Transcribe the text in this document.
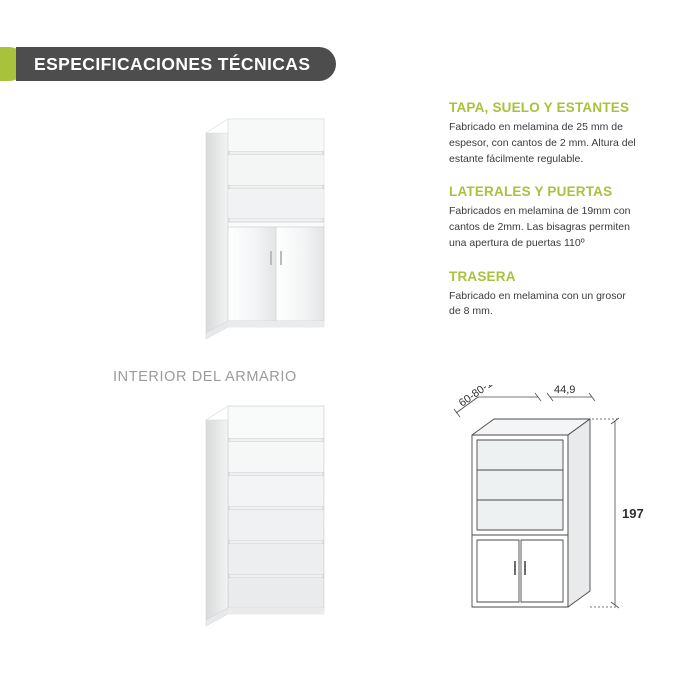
ESPECIFICACIONES TÉCNICAS
INTERIOR DEL ARMARIO
TAPA, SUELO Y ESTANTES
Fabricado en melamina de 25 mm de espesor, con cantos de 2 mm. Altura del estante fácilmente regulable.
LATERALES Y PUERTAS
Fabricados en melamina de 19mm con cantos de 2mm. Las bisagras permiten una apertura de puertas 110º
TRASERA
Fabricado en melamina con un grosor de 8 mm.
60-80-100	44,9
197
